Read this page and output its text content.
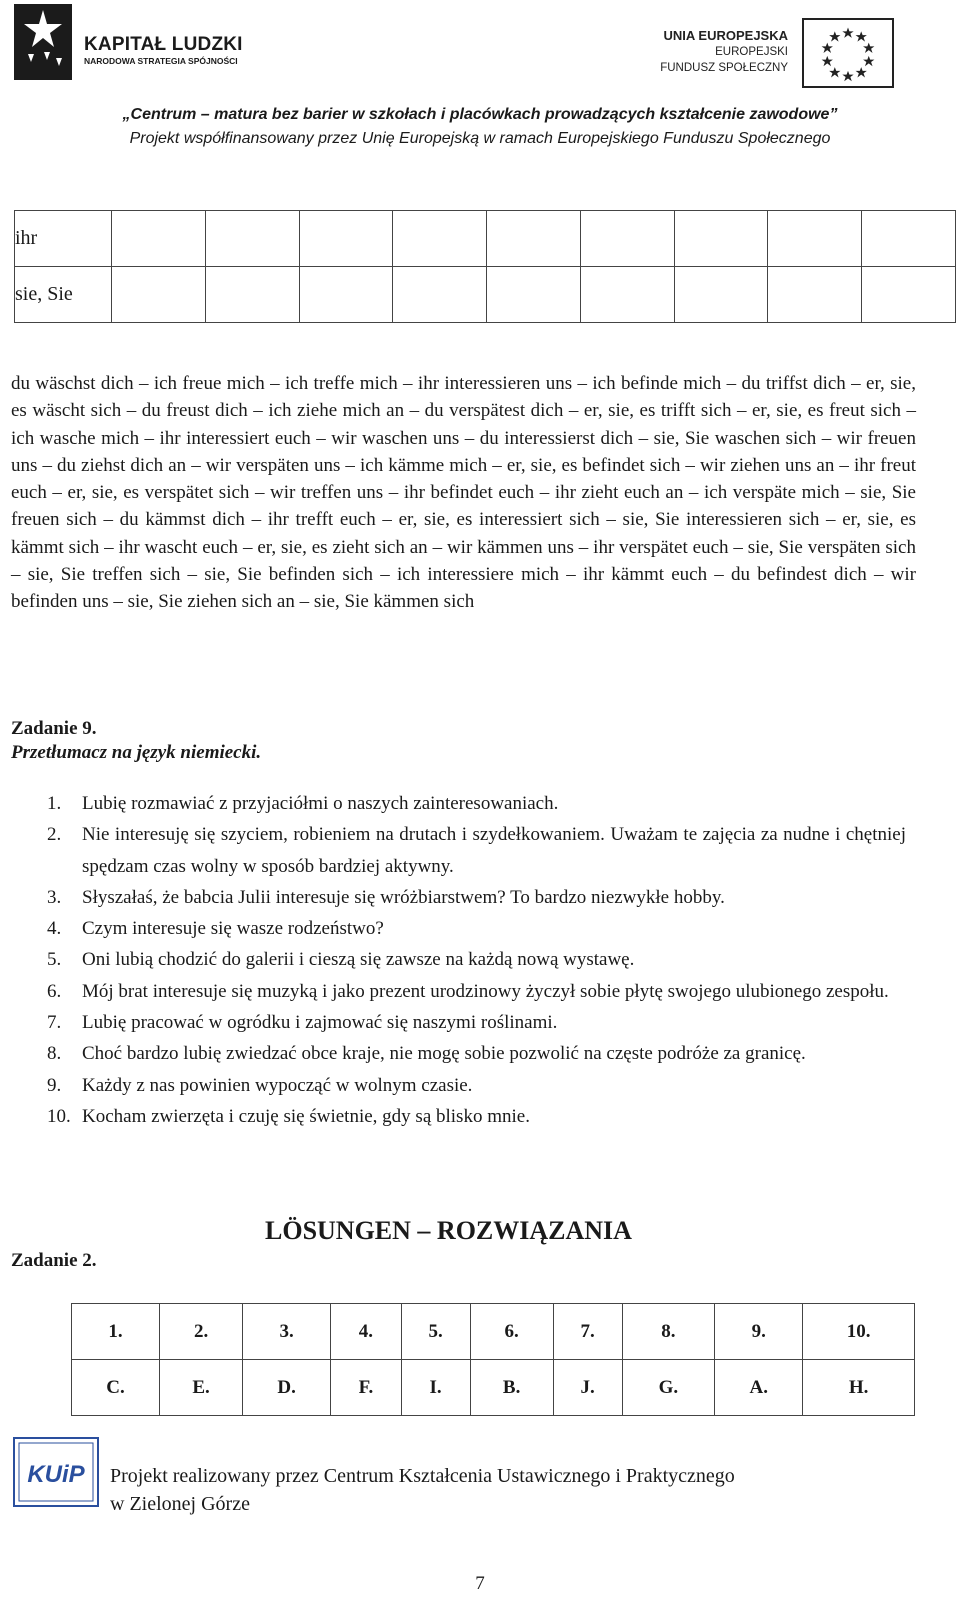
KAPITAŁ LUDZKI
NARODOWA STRATEGIA SPÓJNOŚCI
UNIA EUROPEJSKA
EUROPEJSKI
FUNDUSZ SPOŁECZNY
„Centrum – matura bez barier w szkołach i placówkach prowadzących kształcenie zawodowe”
Projekt współfinansowany przez Unię Europejską w ramach Europejskiego Funduszu Społecznego
ihr									
sie, Sie									
du wäschst dich – ich freue mich – ich treffe mich – ihr interessieren uns – ich befinde mich – du triffst dich – er, sie, es wäscht sich – du freust dich – ich ziehe mich an – du verspätest dich – er, sie, es trifft sich – er, sie, es freut sich – ich wasche mich – ihr interessiert euch – wir waschen uns – du interessierst dich – sie, Sie waschen sich – wir freuen uns – du ziehst dich an – wir verspäten uns – ich kämme mich – er, sie, es befindet sich – wir ziehen uns an – ihr freut euch – er, sie, es verspätet sich – wir treffen uns – ihr befindet euch – ihr zieht euch an – ich verspäte mich – sie, Sie freuen sich – du kämmst dich – ihr trefft euch – er, sie, es interessiert sich – sie, Sie interessieren sich – er, sie, es kämmt sich – ihr wascht euch – er, sie, es zieht sich an – wir kämmen uns – ihr verspätet euch – sie, Sie verspäten sich – sie, Sie treffen sich – sie, Sie befinden sich – ich interessiere mich – ihr kämmt euch – du befindest dich – wir befinden uns – sie, Sie ziehen sich an – sie, Sie kämmen sich
Zadanie 9.
Przetłumacz na język niemiecki.
1. Lubię rozmawiać z przyjaciółmi o naszych zainteresowaniach.
2. Nie interesuję się szyciem, robieniem na drutach i szydełkowaniem. Uważam te zajęcia za nudne i chętniej spędzam czas wolny w sposób bardziej aktywny.
3. Słyszałaś, że babcia Julii interesuje się wróżbiarstwem? To bardzo niezwykłe hobby.
4. Czym interesuje się wasze rodzeństwo?
5. Oni lubią chodzić do galerii i cieszą się zawsze na każdą nową wystawę.
6. Mój brat interesuje się muzyką i jako prezent urodzinowy życzył sobie płytę swojego ulubionego zespołu.
7. Lubię pracować w ogródku i zajmować się naszymi roślinami.
8. Choć bardzo lubię zwiedzać obce kraje, nie mogę sobie pozwolić na częste podróże za granicę.
9. Każdy z nas powinien wypocząć w wolnym czasie.
10. Kocham zwierzęta i czuję się świetnie, gdy są blisko mnie.
LÖSUNGEN – ROZWIĄZANIA
Zadanie 2.
1.	2.	3.	4.	5.	6.	7.	8.	9.	10.
C.	E.	D.	F.	I.	B.	J.	G.	A.	H.
KUiP Projekt realizowany przez Centrum Kształcenia Ustawicznego i Praktycznego
w Zielonej Górze
7
